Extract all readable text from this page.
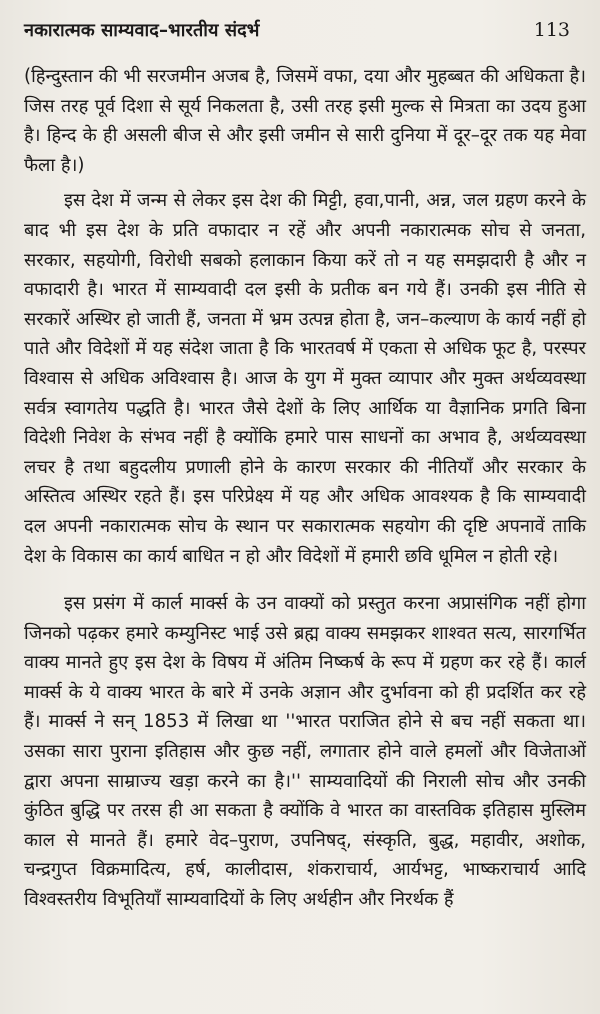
नकारात्मक साम्यवाद–भारतीय संदर्भ	113

(हिन्दुस्तान की भी सरजमीन अजब है, जिसमें वफा, दया और मुहब्बत की अधिकता है। जिस तरह पूर्व दिशा से सूर्य निकलता है, उसी तरह इसी मुल्क से मित्रता का उदय हुआ है। हिन्द के ही असली बीज से और इसी जमीन से सारी दुनिया में दूर–दूर तक यह मेवा फैला है।)

इस देश में जन्म से लेकर इस देश की मिट्टी, हवा,पानी, अन्न, जल ग्रहण करने के बाद भी इस देश के प्रति वफादार न रहें और अपनी नकारात्मक सोच से जनता, सरकार, सहयोगी, विरोधी सबको हलाकान किया करें तो न यह समझदारी है और न वफादारी है। भारत में साम्यवादी दल इसी के प्रतीक बन गये हैं। उनकी इस नीति से सरकारें अस्थिर हो जाती हैं, जनता में भ्रम उत्पन्न होता है, जन–कल्याण के कार्य नहीं हो पाते और विदेशों में यह संदेश जाता है कि भारतवर्ष में एकता से अधिक फूट है, परस्पर विश्वास से अधिक अविश्वास है। आज के युग में मुक्त व्यापार और मुक्त अर्थव्यवस्था सर्वत्र स्वागतेय पद्धति है। भारत जैसे देशों के लिए आर्थिक या वैज्ञानिक प्रगति बिना विदेशी निवेश के संभव नहीं है क्योंकि हमारे पास साधनों का अभाव है, अर्थव्यवस्था लचर है तथा बहुदलीय प्रणाली होने के कारण सरकार की नीतियाँ और सरकार के अस्तित्व अस्थिर रहते हैं। इस परिप्रेक्ष्य में यह और अधिक आवश्यक है कि साम्यवादी दल अपनी नकारात्मक सोच के स्थान पर सकारात्मक सहयोग की दृष्टि अपनावें ताकि देश के विकास का कार्य बाधित न हो और विदेशों में हमारी छवि धूमिल न होती रहे।

इस प्रसंग में कार्ल मार्क्स के उन वाक्यों को प्रस्तुत करना अप्रासंगिक नहीं होगा जिनको पढ़कर हमारे कम्युनिस्ट भाई उसे ब्रह्म वाक्य समझकर शाश्वत सत्य, सारगर्भित वाक्य मानते हुए इस देश के विषय में अंतिम निष्कर्ष के रूप में ग्रहण कर रहे हैं। कार्ल मार्क्स के ये वाक्य भारत के बारे में उनके अज्ञान और दुर्भावना को ही प्रदर्शित कर रहे हैं। मार्क्स ने सन् 1853 में लिखा था ''भारत पराजित होने से बच नहीं सकता था। उसका सारा पुराना इतिहास और कुछ नहीं, लगातार होने वाले हमलों और विजेताओं द्वारा अपना साम्राज्य खड़ा करने का है।'' साम्यवादियों की निराली सोच और उनकी कुंठित बुद्धि पर तरस ही आ सकता है क्योंकि वे भारत का वास्तविक इतिहास मुस्लिम काल से मानते हैं। हमारे वेद–पुराण, उपनिषद्, संस्कृति, बुद्ध, महावीर, अशोक, चन्द्रगुप्त विक्रमादित्य, हर्ष, कालीदास, शंकराचार्य, आर्यभट्ट, भाष्कराचार्य आदि विश्वस्तरीय विभूतियाँ साम्यवादियों के लिए अर्थहीन और निरर्थक हैं
